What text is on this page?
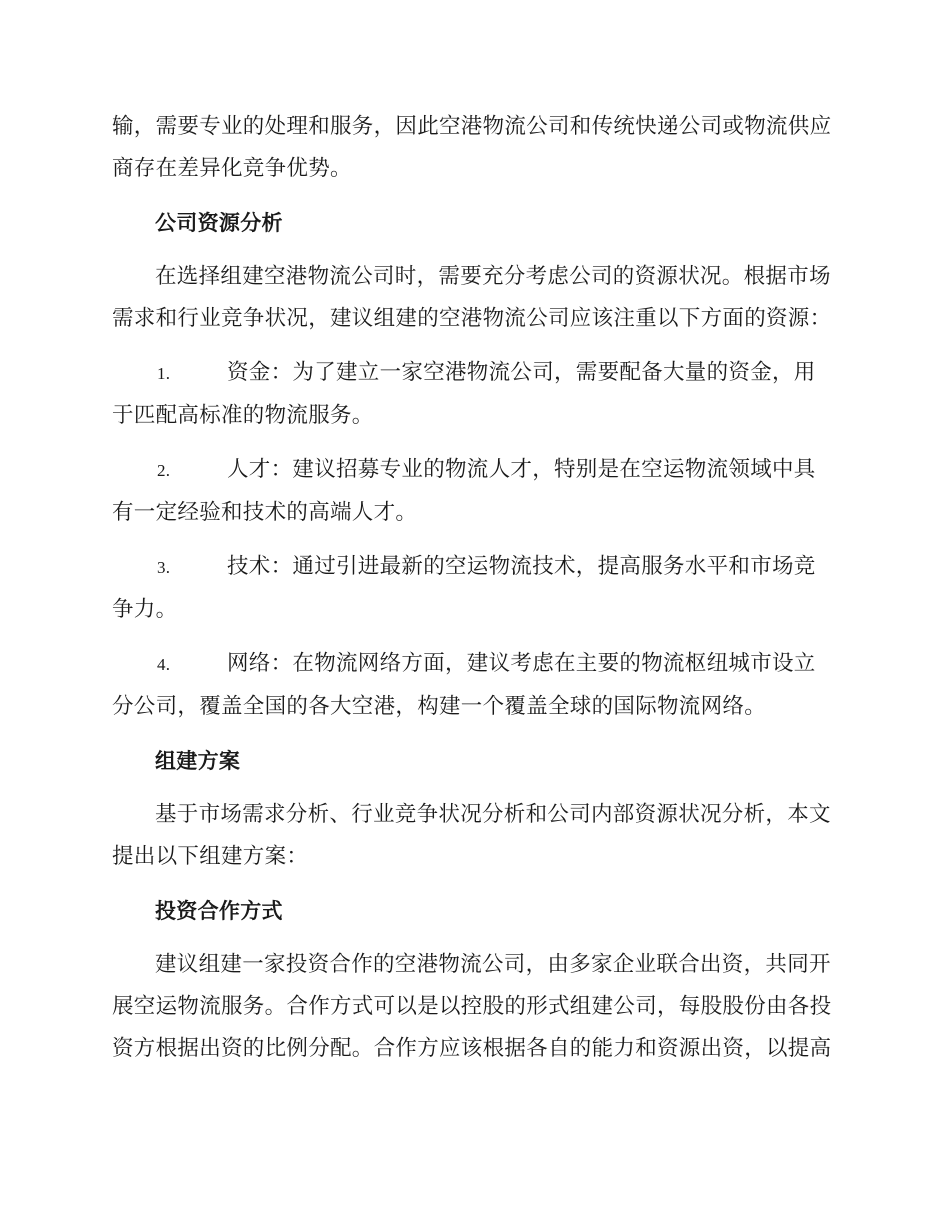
输，需要专业的处理和服务，因此空港物流公司和传统快递公司或物流供应商存在差异化竞争优势。

公司资源分析

在选择组建空港物流公司时，需要充分考虑公司的资源状况。根据市场需求和行业竞争状况，建议组建的空港物流公司应该注重以下方面的资源：

1.	资金：为了建立一家空港物流公司，需要配备大量的资金，用于匹配高标准的物流服务。

2.	人才：建议招募专业的物流人才，特别是在空运物流领域中具有一定经验和技术的高端人才。

3.	技术：通过引进最新的空运物流技术，提高服务水平和市场竞争力。

4.	网络：在物流网络方面，建议考虑在主要的物流枢纽城市设立分公司，覆盖全国的各大空港，构建一个覆盖全球的国际物流网络。

组建方案

基于市场需求分析、行业竞争状况分析和公司内部资源状况分析，本文提出以下组建方案：

投资合作方式

建议组建一家投资合作的空港物流公司，由多家企业联合出资，共同开展空运物流服务。合作方式可以是以控股的形式组建公司，每股股份由各投资方根据出资的比例分配。合作方应该根据各自的能力和资源出资，以提高
